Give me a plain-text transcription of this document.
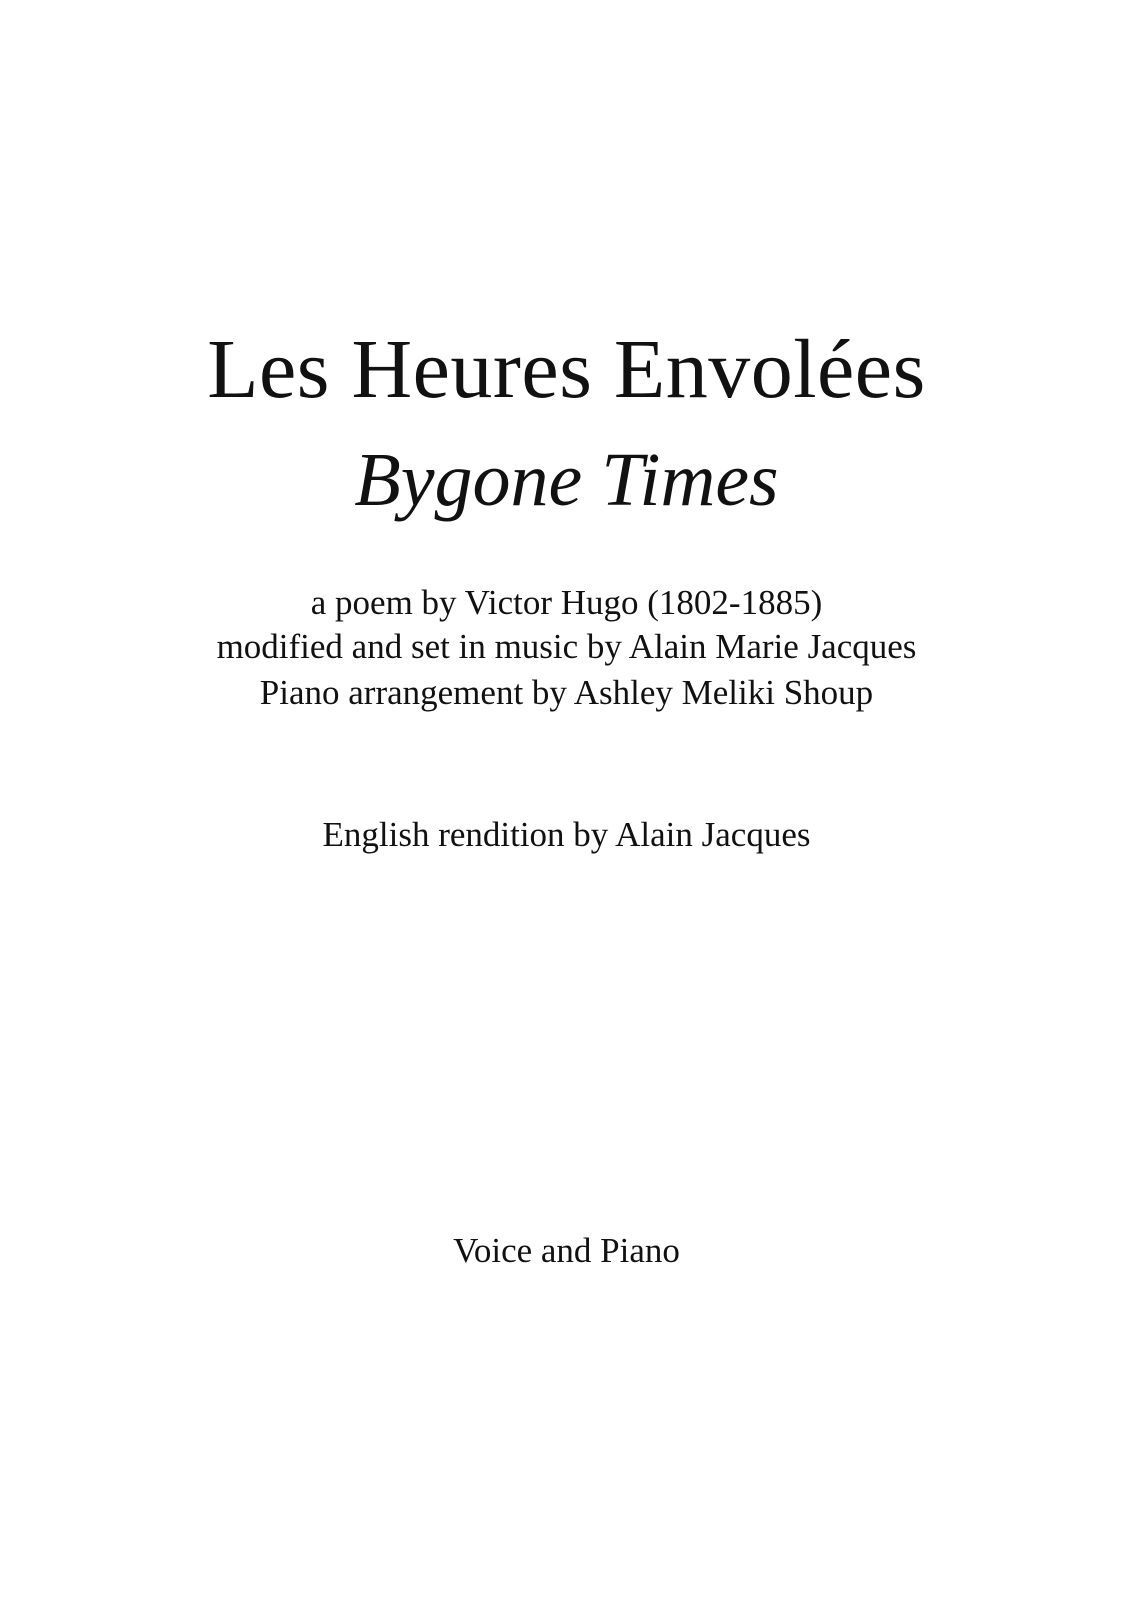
Les Heures Envolées
Bygone Times
a poem by Victor Hugo (1802-1885)
modified and set in music by Alain Marie Jacques
Piano arrangement by Ashley Meliki Shoup
English rendition by Alain Jacques
Voice and Piano
